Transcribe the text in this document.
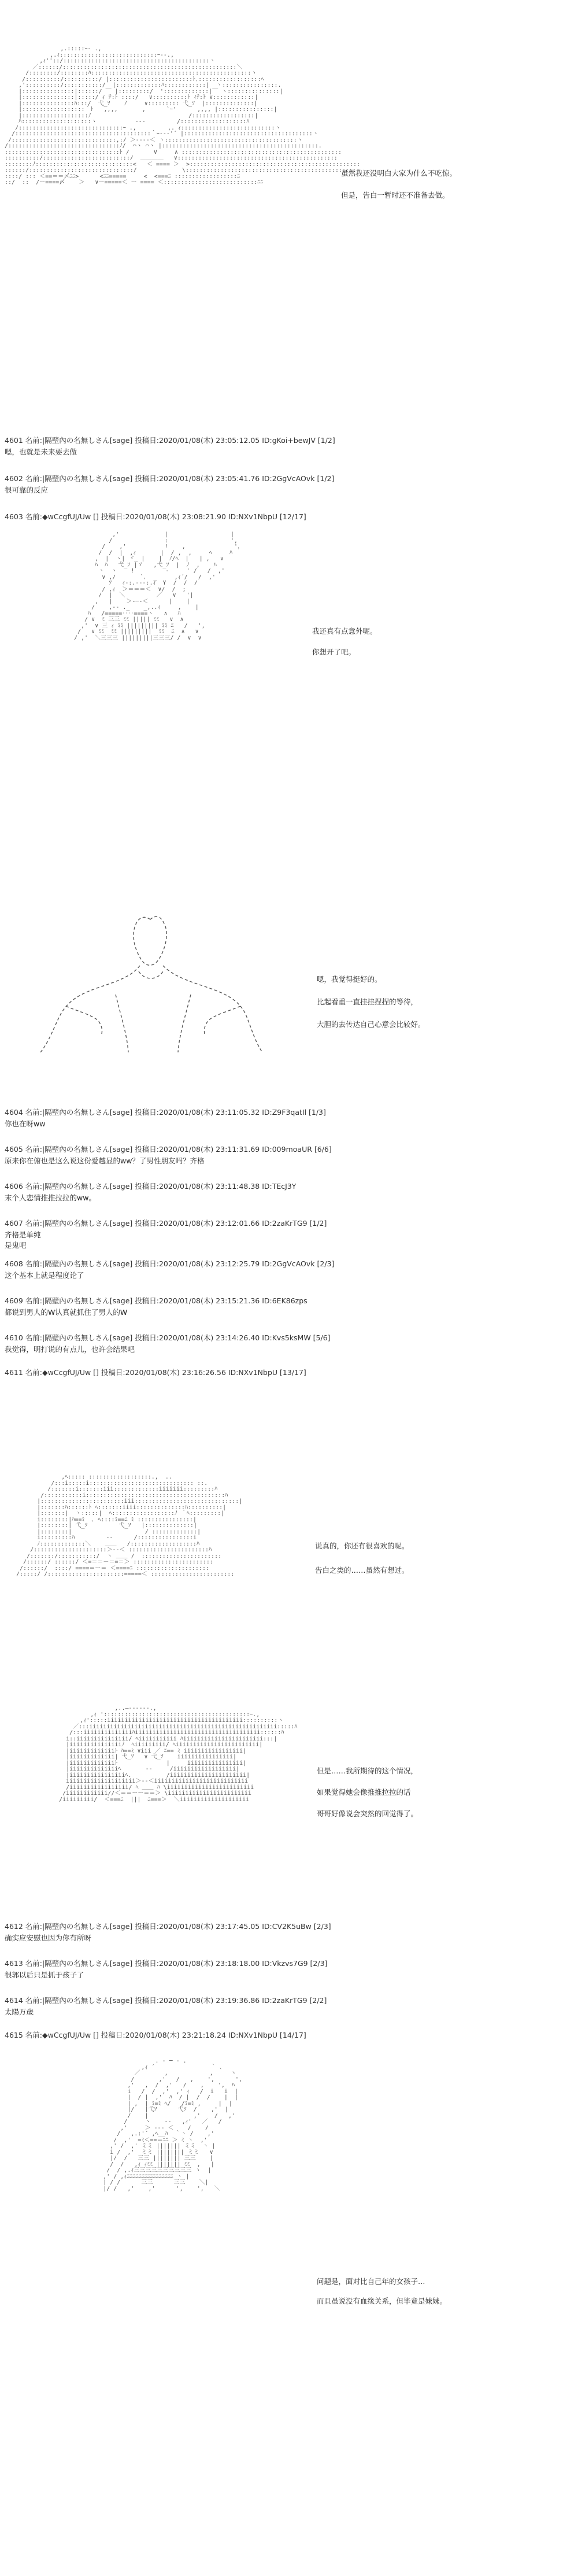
,.:::::ｰ- .,
,.ｨ::::::::::::::::::::::::::::ｰ‐-.,
,ｨ''::/::::::::::::::::::::::::::::::::::::::::::ヽ
／::::::/::::::::::::::::::::::::::::::::::::::::::::::::::＼
/::::::::/::::::::ﾊ::::::::::::::::::::::::::::::::::::::::::::::ヽ
/::::::::::/::::::::::/ |::::::::::::::::::::::::ﾄ､::::::::::::::::::ﾍ
,'::::::::::/:::::::::::/  |:::::::::::::ﾊ::::::::::::|  ヽ::::::::::::::::.
|:::::::::::::::|::::::/ ￣ |:::::::::/  ':::::::::::::|￣ ヽ:::::::::::::::|
|:::::::::::::::|:::::/ ｨ ﾃ:ﾄ ::::/   ∨::::::::::ﾄ ｨﾃ:ﾄ ∨::::::::::::|
|:::::::::::::::ﾊ:::/  弋_ｿ    ﾉ     ∨::::::::: 弋_ｿ  |::::::::::::::|
|::::::::::::::::::｀ﾄ   ,,,,       ,      `ｰ'      ,,,, |::::::::::::::::|
|:::::::::::::::::::ﾉ                            /::::::::::::::::::|
ﾊ::::::::::::::::::::ヽ           ‐-‐         /:::::::::::::::::::ﾊ
/::::::::::::::::::::::::::::::ｰ .,         ,. ｨ:::::::::::::::::::::::::::ヽ
/:::::::::::::::::::::::::::::::::::::::｀ｰ‐-‐'´ |:::::::::::::::::::::::::::::::::::::ヽ
/::::::::::::::::::::::::::::::,:/ ＞‐--‐＜ ヽ::::::::::::::::::::::::::::::::::::::ヽ
/::::::::::::::::::::::::::::::::ﾉ/  ⌒ヽ ⌒ヽ |:::::::::::::::::::::::::::::::::::::::::::::.
:::::::::::::::::::::::::::::::::ﾄ /       V     ∧ ::::::::::::::::::::::::::::::::::::::::::::::
::::::::::/:::::::::::::::::::::::::/  ＿＿＿＿   ∨::::::::::::::::::::::::::::::::::::::::::::::
::::::::ﾉ::::::::::::::::::::::::::::<   ＜ ==== ＞  >:::::::::::::::::::::::::::::::::::::::::::::::::
::::::/::::::::::::::::::::::::::::::/             \::::::::::::::::::::::::::::::::::::::::::::::::::
::::/ ::: ＜==＝＝〆ﾆﾆ>      <ﾆﾆ=====     <  <===ﾆ ::::::::::::::::::ﾆ
::/  ::  /ー====〆    ＞   ∨ー=====＜ ー ==== ＜:::::::::::::::::::::::::::ﾆﾆ
虽然我还没明白大家为什么不吃惊。
但是，告白一暂时还不准备去做。
4601 名前:|隔壁內の名無しさん[sage] 投稿日:2020/01/08(木) 23:05:12.05 ID:gKoi+bewJV [1/2]
嗯，也就是未来要去做
4602 名前:|隔壁內の名無しさん[sage] 投稿日:2020/01/08(木) 23:05:41.76 ID:2GgVcAOvk [1/2]
很可靠的反应
4603 名前:◆wCcgfUJ/Uw [] 投稿日:2020/01/08(木) 23:08:21.90 ID:NXv1NbpU [12/17]
,'             |                  |
/               :                  ',
/    ,'           !    ,              '，
/  /  |  ,ｨ       |  / ,  ,     ﾍ     ﾊ
,  |  ヽ| ゞ_ |    |  ﾉ/ﾍ  |   | ,   ∨
ﾊ  ﾊ   弋_ｿ |ゞ   ,弋_ｿ  |  ﾉ  ,    ﾊ
ヽ  ヽ    !         ‐     ' /   /  ,'
∨ ,/       `､  _     ,ｨ´/   /  ,'
ｿ   ｨ-:.‐-‐:.ｨ  Y  /  /  /
/ ,ｨ  ＞＝＝＝＜  ∨/  /  ;
/  |  ＼         ／   ∨   '|
,   |    ＞‐─‐＜      |    |
/    ,‐- ._    _,..ｨ     ,    |
ﾊ   /=====‥‥====ヽ   ∧   ﾊ
/ ∨  ﾐ 三三 ﾐﾐ ||||| ﾐﾐ   ∨  ∧
,'  ∨ 三 ｨ ﾐﾐ ||||||||| ﾐﾐ ﾆ   /   ',
/   ∨ ﾐﾐ  ﾐﾐ |||||||||  ﾐﾐ  ﾆ  ∧   ∨
/ ,'  ＼三三三 |||||||||三三三/ /  ∨  ∨
我还真有点意外呢。
你想开了吧。
嗯，我觉得挺好的。
比起看重一直挂挂捏捏的等待，
大胆的去传达自己心意会比较好。
4604 名前:|隔壁內の名無しさん[sage] 投稿日:2020/01/08(木) 23:11:05.32 ID:Z9F3qatIl [1/3]
你也在呀ww
4605 名前:|隔壁內の名無しさん[sage] 投稿日:2020/01/08(木) 23:11:31.69 ID:009moaUR [6/6]
原来你在俯也是这么说这份爱越显的ww？了男性朋友吗？齐格
4606 名前:|隔壁內の名無しさん[sage] 投稿日:2020/01/08(木) 23:11:48.38 ID:TEcJ3Y
末个人恋情推推拉拉的ww。
4607 名前:|隔壁內の名無しさん[sage] 投稿日:2020/01/08(木) 23:12:01.66 ID:2zaKrTG9 [1/2]
齐格是单纯
是鬼吧
4608 名前:|隔壁內の名無しさん[sage] 投稿日:2020/01/08(木) 23:12:25.79 ID:2GgVcAOvk [2/3]
这个基本上就是程度论了
4609 名前:|隔壁內の名無しさん[sage] 投稿日:2020/01/08(木) 23:15:21.36 ID:6EK86zps
都说到男人的W认真就抓住了男人的W
4610 名前:|隔壁內の名無しさん[sage] 投稿日:2020/01/08(木) 23:14:26.40 ID:Kvs5ksMW [5/6]
我觉得，明打说的有点儿，也许会结果吧
4611 名前:◆wCcgfUJ/Uw [] 投稿日:2020/01/08(木) 23:16:26.56 ID:NXv1NbpU [13/17]
,ﾍ::::: ::::::::::::::::::.,  ..
/:::i:::::i:::::::::::::::::::::::::::::: ::.
/:::::::i:::::::iii:::::::::::::iiiiiii:::::::::ﾊ
/:::::::::::i::::::::::::::::::::::::::::::::::::::::ﾊ
|::::::::::::::::::::::::iii::::::::::::::::::::::::::::::|
|:::::::ﾊ::::::ﾄ ﾍ:::::::iiii::::::::::::::ﾊ::::::::::|
|:::::::|  ヽ:::::|  ﾍ::::::::::::::::::ﾉ ｀ﾍ:::::::::|
i::::::::|ﾊ==ﾐ  ､ ﾍ::::ﾐ==ﾆ ﾐ ::::::::::::::::|
|::::::::| 弋_ｿ         弋_ｿ   |::::::::::::::|
|::::::::|                     / :::::::::::::|
i:::::::::ﾊ         ‐‐      /::::::::::::::::i
ﾉ:::::::::::::＼    ＿＿   /:::::::::::::::::::ﾊ
/:::::::::::::::::::::＞‐‐＜ :::::::::::::::::::::::ﾊ
/:::::::/:::::::::::/  ヽ ＿＿ /  :::::::::::::::::::::::
/::::::/ ::::::/ ＜=＝＝－＝=＝＞ :::::::::::::::::::::::
/::::::/  ::::/ ====＝ー＝ ＜====ﾆ :::::::::::::::::::::
/:::::/ /::::::::::::::::::::::=====＜ ::::::::::::::::::::::::
说真的，你还有很喜欢的呢。
告白之类的……虽然有想过。
,..―‐‐‐‐‐‐.,
,ｨ '::::::::::::::::::::::::::::::::::::::::::ｰ.,
,ｨ':::::iiiiiiiiiiiiiiiiiiiiiiiiiiiiiiiiiiiiiii::::::::::ヽ
／:::iiiiiiiiiiiiiiiiiiiiiiiiiiiiiiiiiiiiiiiiiiiiiiiiiiiiii:::::ﾊ
/:::iiiiiiiiiiiiiiﾊiiiiiiiiiiiiiiiiiiiiiiiiiiiiiiiiiiii::::::ﾊ
i::iiiiiiiiiiiiiii/ ﾍiiiiiiiiiii ﾊiiiiiiiiiiiiiiiiiiiiiii:::|
|iiiiiiiiiiiiiiiﾉ  ﾍiiiiiiiii/ ﾍiiiiiiiiiiiiiiiiiiiiiiii|
|iiiiiiiiiiiiiﾄ ﾊ==ﾐ ∨iii ／ ﾆ== ﾐ iiiiiiiiiiiiiiiii|
|iiiiiiiiiiiii| 弋_ｿ   ∨ 弋_ｿ    iiiiiiiiiiiiiiii|
|iiiiiiiiiiiiiﾄ              |     iiiiiiiiiiiiiiii|
|iiiiiiiiiiiiiiﾍ       ‐‐     /iiiiiiiiiiiiiiiiii|
|iiiiiiiiiiiiiiiiﾍ.          /iiiiiiiiiiiiiiiiiiiiii|
iiiiiiiiiiiiiiiiiiii＞‐‐＜iiiiiiiiiiiiiiiiiiiiiiiiiii
/iiiiiiiiiiiiiiiii/ ﾍ ＿＿ ﾊ \iiiiiiiiiiiiiiiiiiiiiiiii
/iiiiiiiiiiii//＜＝＝ーー＝＝＞ \iiiiiiiiiiiiiiiiiiiiiiii
/iiiiiiiii/  ＜===ﾆ  |||  ﾆ===＞  ＼iiiiiiiiiiiiiiiiiiii
但是……我所期待的这个情况，
如果觉得她会像推推拉拉的话
哥哥好像说会突然的回觉得了。
4612 名前:|隔壁內の名無しさん[sage] 投稿日:2020/01/08(木) 23:17:45.05 ID:CV2K5uBw [2/3]
确实应安慰也因为你有所呀
4613 名前:|隔壁內の名無しさん[sage] 投稿日:2020/01/08(木) 23:18:18.00 ID:Vkzvs7G9 [2/3]
很郭以后只是抓于孩子了
4614 名前:|隔壁內の名無しさん[sage] 投稿日:2020/01/08(木) 23:19:36.86 ID:2zaKrTG9 [2/2]
太陽万歳
4615 名前:◆wCcgfUJ/Uw [] 投稿日:2020/01/08(木) 23:21:18.24 ID:NXv1NbpU [14/17]
. ‐ ─ ‐ .
,ｨ ´                ｀ ､
／       ,            ,     ヽ
/       ,'   /   ,    ',      ',
,'   ,  /  ,'   /    ,    ',  ﾊ
i   /  /  ,'  ,' ｨ   /  i   i  |
|  / |  ,'  ﾊ  / |  /  /    |  |
| ,  | ﾐ=ﾐ ﾍ/   /ﾐ=ﾐ ,     |  |
|/   |弋ｿ      弋ｿ  /    ,'  |
/    |             ,'    /   ,'
/     ヽ    ‐‐   ,ｨ'   ／   /
,'     ＞ ‐‐‐ ＜    /    /
/   ,.:'´ ,ﾍ__ﾊ  ｀ヽ /    ,'
/  ,'  =ﾐ＜==＝ﾆﾆ ＞ ﾐ ヽ  ,'
,' /  ,' ミミ ||||||| ミミ  ヽ |
i /  ,'  ミミ |||||||| ミミ   ∨
|/  /   三三 |||||||| 三三    |
/  /   ,ｨ ｨﾐﾐ ||||||| ﾐﾐ  ,   |
/  / ,.ｨ三三三三三三三三三三 ヽ  |
,' / ,ｨﾆﾆﾆﾆﾆﾆﾆﾆﾆﾆﾆﾆﾆﾆﾆﾆ ヽ |
| / /      三三      三三    ＼|
|/ /   ,'    ,'      ',    ',   ＼
问题是，面对比自己年的女孩子…
而且虽说没有血缘关系，但毕竟是妹妹。
